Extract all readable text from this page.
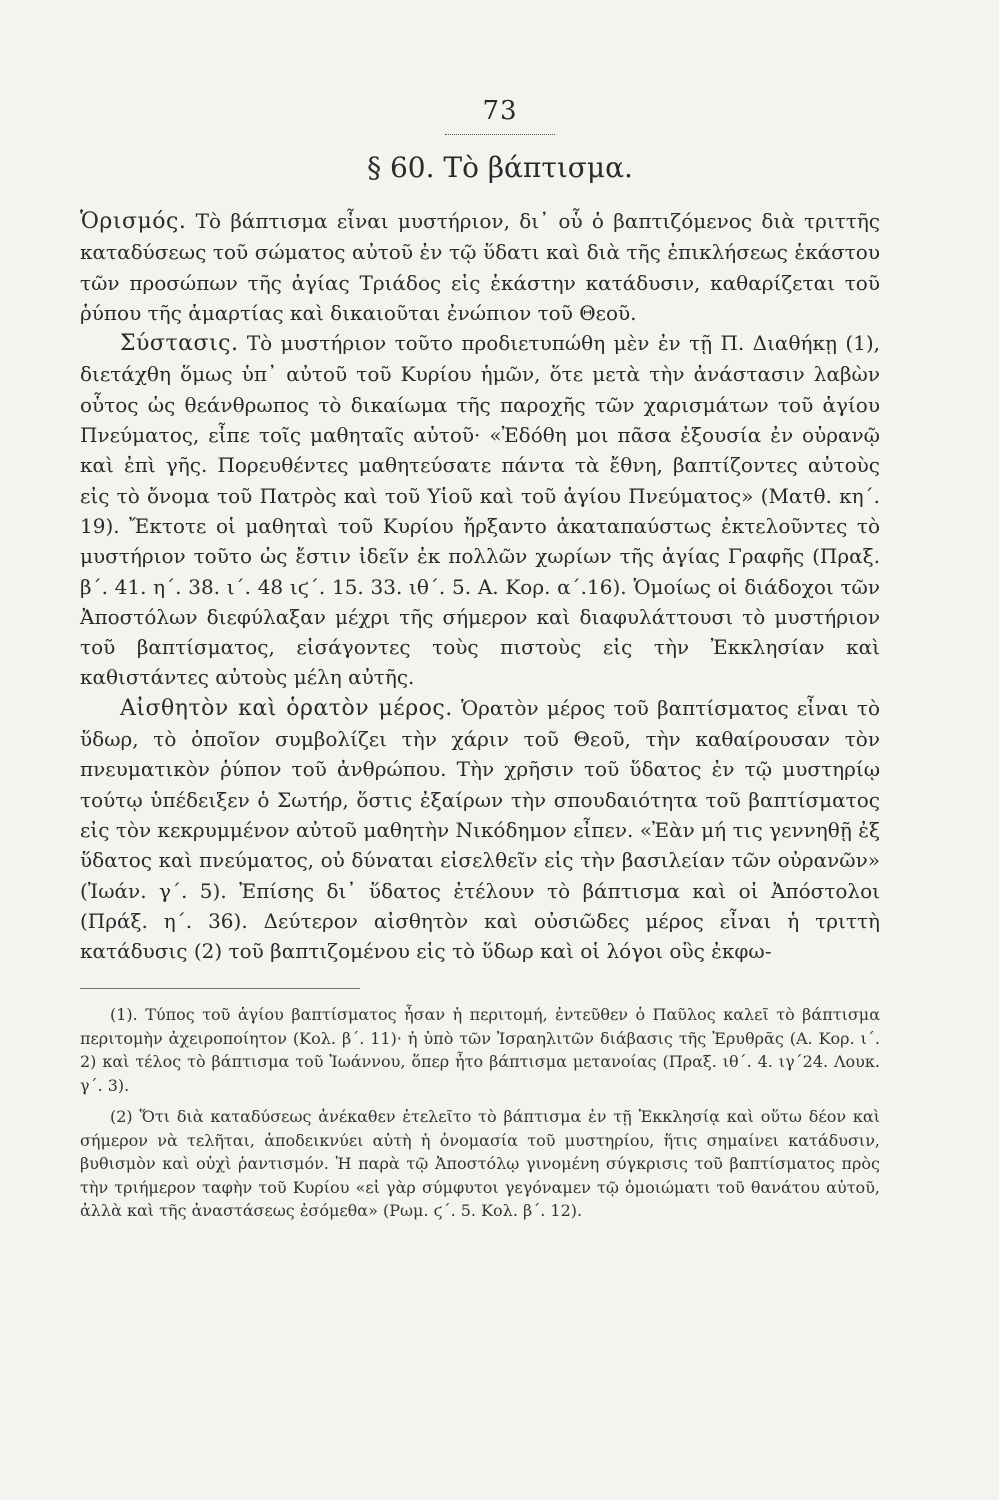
73
§ 60. Τὸ βάπτισμα.

Ὁρισμός. Τὸ βάπτισμα εἶναι μυστήριον, δι᾽ οὗ ὁ βαπτιζόμενος διὰ τριττῆς καταδύσεως τοῦ σώματος αὐτοῦ ἐν τῷ ὕδατι καὶ διὰ τῆς ἐπικλήσεως ἑκάστου τῶν προσώπων τῆς ἁγίας Τριάδος εἰς ἑκάστην κατάδυσιν, καθαρίζεται τοῦ ῥύπου τῆς ἁμαρτίας καὶ δικαιοῦται ἐνώπιον τοῦ Θεοῦ.

Σύστασις. Τὸ μυστήριον τοῦτο προδιετυπώθη μὲν ἐν τῇ Π. Διαθήκῃ (1), διετάχθη ὅμως ὑπ᾽ αὐτοῦ τοῦ Κυρίου ἡμῶν, ὅτε μετὰ τὴν ἀνάστασιν λαβὼν οὗτος ὡς θεάνθρωπος τὸ δικαίωμα τῆς παροχῆς τῶν χαρισμάτων τοῦ ἁγίου Πνεύματος, εἶπε τοῖς μαθηταῖς αὐτοῦ· «Ἐδόθη μοι πᾶσα ἐξουσία ἐν οὐρανῷ καὶ ἐπὶ γῆς. Πορευθέντες μαθητεύσατε πάντα τὰ ἔθνη, βαπτίζοντες αὐτοὺς εἰς τὸ ὄνομα τοῦ Πατρὸς καὶ τοῦ Υἱοῦ καὶ τοῦ ἁγίου Πνεύματος» (Ματθ. κη΄. 19). Ἔκτοτε οἱ μαθηταὶ τοῦ Κυρίου ἤρξαντο ἀκαταπαύστως ἐκτελοῦντες τὸ μυστήριον τοῦτο ὡς ἔστιν ἰδεῖν ἐκ πολλῶν χωρίων τῆς ἁγίας Γραφῆς (Πραξ. β΄. 41. η΄. 38. ι΄. 48 ιϛ΄. 15. 33. ιθ΄. 5. Α. Κορ. α΄.16). Ὁμοίως οἱ διάδοχοι τῶν Ἀποστόλων διεφύλαξαν μέχρι τῆς σήμερον καὶ διαφυλάττουσι τὸ μυστήριον τοῦ βαπτίσματος, εἰσάγοντες τοὺς πιστοὺς εἰς τὴν Ἐκκλησίαν καὶ καθιστάντες αὐτοὺς μέλη αὐτῆς.

Αἰσθητὸν καὶ ὁρατὸν μέρος. Ὁρατὸν μέρος τοῦ βαπτίσματος εἶναι τὸ ὕδωρ, τὸ ὁποῖον συμβολίζει τὴν χάριν τοῦ Θεοῦ, τὴν καθαίρουσαν τὸν πνευματικὸν ῥύπον τοῦ ἀνθρώπου. Τὴν χρῆσιν τοῦ ὕδατος ἐν τῷ μυστηρίῳ τούτῳ ὑπέδειξεν ὁ Σωτήρ, ὅστις ἐξαίρων τὴν σπουδαιότητα τοῦ βαπτίσματος εἰς τὸν κεκρυμμένον αὐτοῦ μαθητὴν Νικόδημον εἶπεν. «Ἐὰν μή τις γεννηθῇ ἐξ ὕδατος καὶ πνεύματος, οὐ δύναται εἰσελθεῖν εἰς τὴν βασιλείαν τῶν οὐρανῶν» (Ἰωάν. γ΄. 5). Ἐπίσης δι᾽ ὕδατος ἐτέλουν τὸ βάπτισμα καὶ οἱ Ἀπόστολοι (Πράξ. η΄. 36). Δεύτερον αἰσθητὸν καὶ οὐσιῶδες μέρος εἶναι ἡ τριττὴ κατάδυσις (2) τοῦ βαπτιζομένου εἰς τὸ ὕδωρ καὶ οἱ λόγοι οὓς ἐκφω-

(1). Τύπος τοῦ ἁγίου βαπτίσματος ἦσαν ἡ περιτομή, ἐντεῦθεν ὁ Παῦλος καλεῖ τὸ βάπτισμα περιτομὴν ἀχειροποίητον (Κολ. β΄. 11)· ἡ ὑπὸ τῶν Ἰσραηλιτῶν διάβασις τῆς Ἐρυθρᾶς (Α. Κορ. ι΄. 2) καὶ τέλος τὸ βάπτισμα τοῦ Ἰωάννου, ὅπερ ἦτο βάπτισμα μετανοίας (Πραξ. ιθ΄. 4. ιγ΄24. Λουκ. γ΄. 3).

(2) Ὅτι διὰ καταδύσεως ἀνέκαθεν ἐτελεῖτο τὸ βάπτισμα ἐν τῇ Ἐκκλησίᾳ καὶ οὕτω δέον καὶ σήμερον νὰ τελῆται, ἀποδεικνύει αὐτὴ ἡ ὀνομασία τοῦ μυστηρίου, ἥτις σημαίνει κατάδυσιν, βυθισμὸν καὶ οὐχὶ ῥαντισμόν. Ἡ παρὰ τῷ Ἀποστόλῳ γινομένη σύγκρισις τοῦ βαπτίσματος πρὸς τὴν τριήμερον ταφὴν τοῦ Κυρίου «εἰ γὰρ σύμφυτοι γεγόναμεν τῷ ὁμοιώματι τοῦ θανάτου αὐτοῦ, ἀλλὰ καὶ τῆς ἀναστάσεως ἐσόμεθα» (Ρωμ. ϛ΄. 5. Κολ. β΄. 12).
